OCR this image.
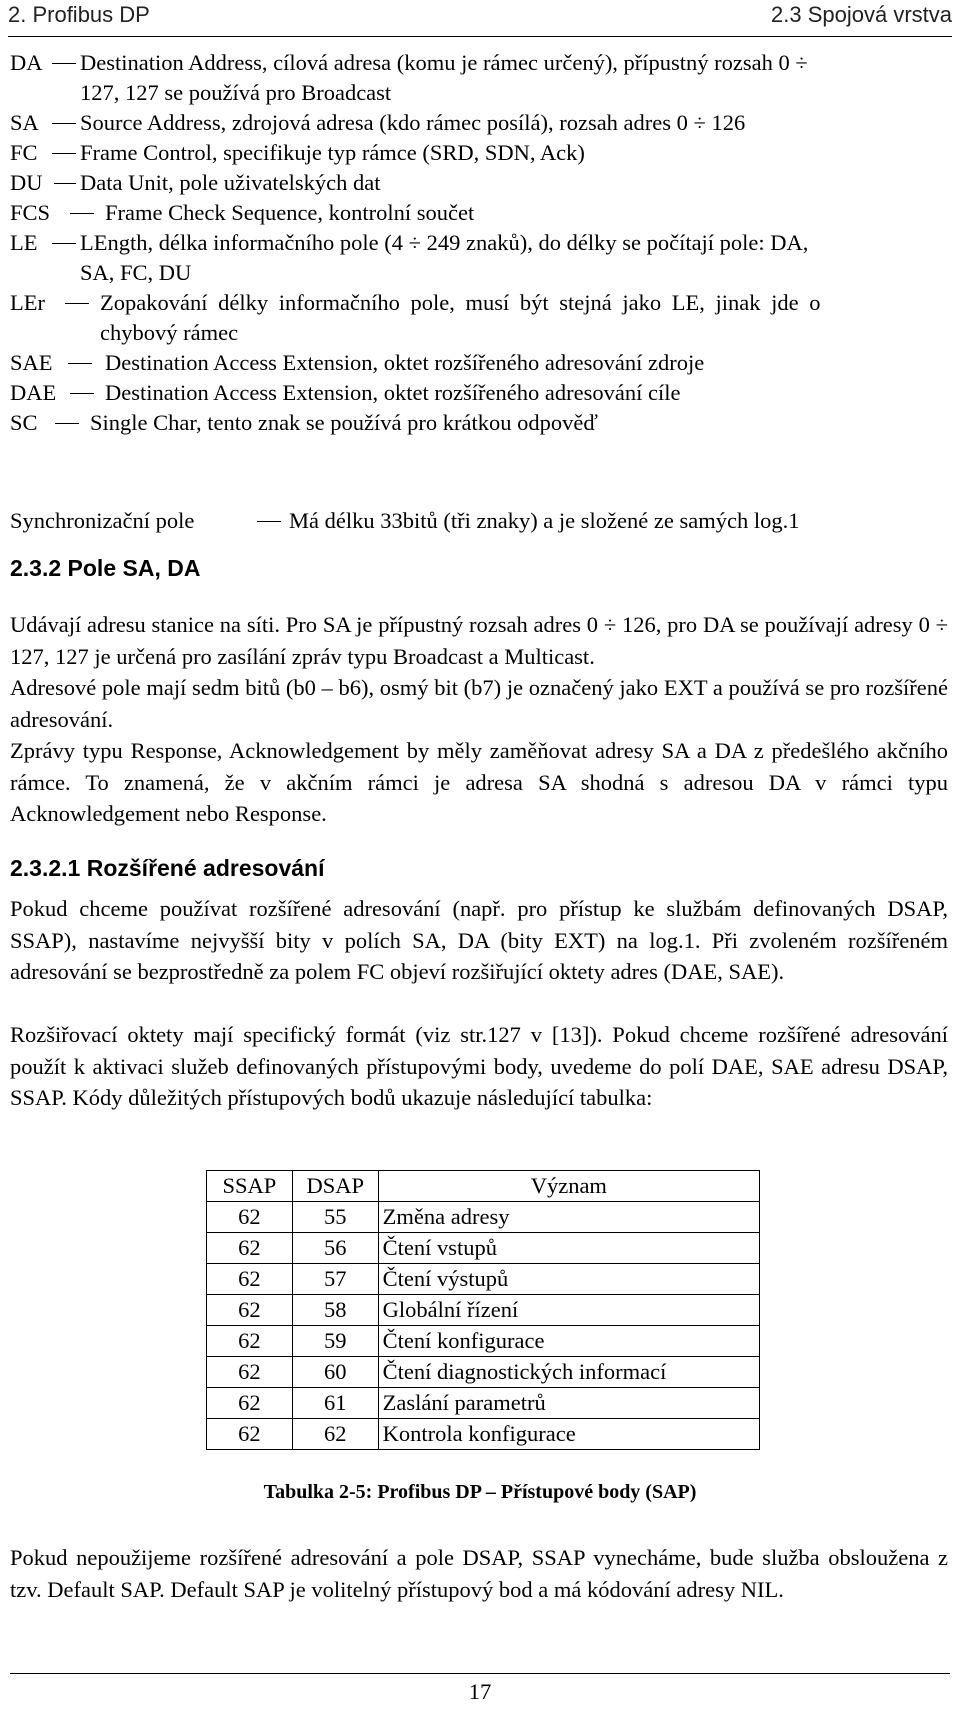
2. Profibus DP	2.3 Spojová vrstva
DA Destination Address, cílová adresa (komu je rámec určený), přípustný rozsah 0 ÷
127, 127 se používá pro Broadcast
SA Source Address, zdrojová adresa (kdo rámec posílá), rozsah adres 0 ÷ 126
FC Frame Control, specifikuje typ rámce (SRD, SDN, Ack)
DU Data Unit, pole uživatelských dat
FCS Frame Check Sequence, kontrolní součet
LE LEngth, délka informačního pole (4 ÷ 249 znaků), do délky se počítají pole: DA,
SA, FC, DU
LEr Zopakování délky informačního pole, musí být stejná jako LE, jinak jde o
chybový rámec
SAE Destination Access Extension, oktet rozšířeného adresování zdroje
DAE Destination Access Extension, oktet rozšířeného adresování cíle
SC Single Char, tento znak se používá pro krátkou odpověď
Synchronizační pole	Má délku 33bitů (tři znaky) a je složené ze samých log.1
2.3.2 Pole SA, DA

Udávají adresu stanice na síti. Pro SA je přípustný rozsah adres 0 ÷ 126, pro DA se používají adresy 0 ÷ 127, 127 je určená pro zasílání zpráv typu Broadcast a Multicast.

Adresové pole mají sedm bitů (b0 – b6), osmý bit (b7) je označený jako EXT a používá se pro rozšířené adresování.

Zprávy typu Response, Acknowledgement by měly zaměňovat adresy SA a DA z předešlého akčního rámce. To znamená, že v akčním rámci je adresa SA shodná s adresou DA v rámci typu Acknowledgement nebo Response.

2.3.2.1 Rozšířené adresování

Pokud chceme používat rozšířené adresování (např. pro přístup ke službám definovaných DSAP, SSAP), nastavíme nejvyšší bity v polích SA, DA (bity EXT) na log.1. Při zvoleném rozšířeném adresování se bezprostředně za polem FC objeví rozšiřující oktety adres (DAE, SAE).

Rozšiřovací oktety mají specifický formát (viz str.127 v [13]). Pokud chceme rozšířené adresování použít k aktivaci služeb definovaných přístupovými body, uvedeme do polí DAE, SAE adresu DSAP, SSAP. Kódy důležitých přístupových bodů ukazuje následující tabulka:

SSAP	DSAP	Význam
62	55	Změna adresy
62	56	Čtení vstupů
62	57	Čtení výstupů
62	58	Globální řízení
62	59	Čtení konfigurace
62	60	Čtení diagnostických informací
62	61	Zaslání parametrů
62	62	Kontrola konfigurace
Tabulka 2-5: Profibus DP – Přístupové body (SAP)

Pokud nepoužijeme rozšířené adresování a pole DSAP, SSAP vynecháme, bude služba obsloužena z tzv. Default SAP. Default SAP je volitelný přístupový bod a má kódování adresy NIL.

17
